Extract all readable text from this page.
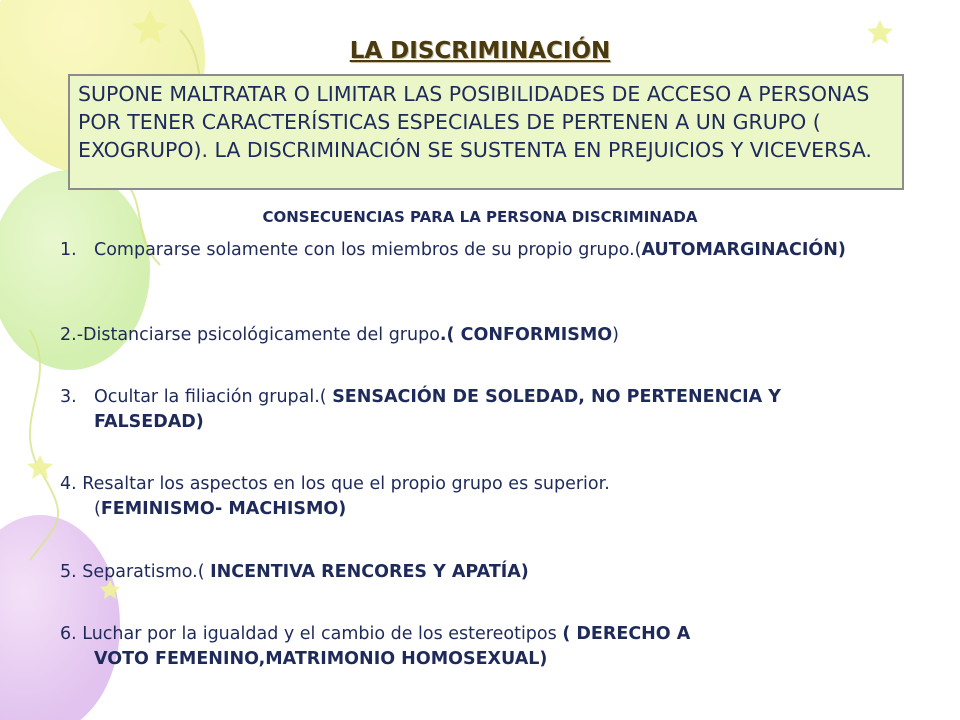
LA DISCRIMINACIÓN
SUPONE MALTRATAR O LIMITAR LAS POSIBILIDADES DE ACCESO A PERSONAS POR TENER CARACTERÍSTICAS ESPECIALES DE PERTENEN A UN GRUPO ( EXOGRUPO). LA DISCRIMINACIÓN SE SUSTENTA EN PREJUICIOS Y VICEVERSA.
CONSECUENCIAS PARA LA PERSONA DISCRIMINADA
1. Compararse solamente con los miembros de su propio grupo.(AUTOMARGINACIÓN)
2.-Distanciarse psicológicamente del grupo.( CONFORMISMO)
3. Ocultar la filiación grupal.( SENSACIÓN DE SOLEDAD, NO PERTENENCIA Y FALSEDAD)
4. Resaltar los aspectos en los que el propio grupo es superior.
(FEMINISMO- MACHISMO)
5. Separatismo.( INCENTIVA RENCORES Y APATÍA)
6. Luchar por la igualdad y el cambio de los estereotipos ( DERECHO A
VOTO FEMENINO,MATRIMONIO HOMOSEXUAL)
